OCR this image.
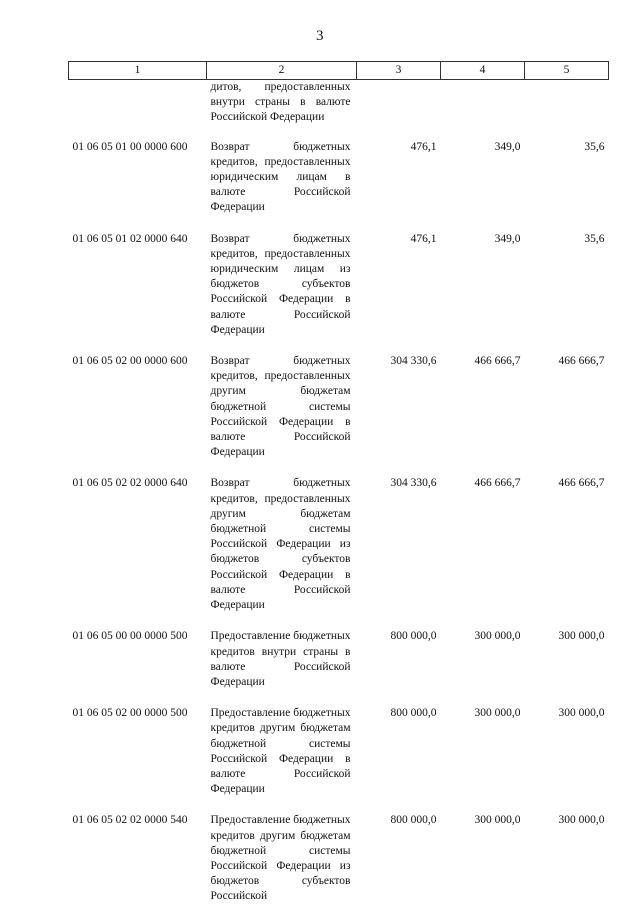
3
1	2	3	4	5
	дитов, предоставленных внутри страны в валюте Российской Федерации			
01 06 05 01 00 0000 600	Возврат бюджетных кредитов, предоставленных юридическим лицам в валюте Российской Федерации	476,1	349,0	35,6
01 06 05 01 02 0000 640	Возврат бюджетных кредитов, предоставленных юридическим лицам из бюджетов субъектов Российской Федерации в валюте Российской Федерации	476,1	349,0	35,6
01 06 05 02 00 0000 600	Возврат бюджетных кредитов, предоставленных другим бюджетам бюджетной системы Российской Федерации в валюте Российской Федерации	304 330,6	466 666,7	466 666,7
01 06 05 02 02 0000 640	Возврат бюджетных кредитов, предоставленных другим бюджетам бюджетной системы Российской Федерации из бюджетов субъектов Российской Федерации в валюте Российской Федерации	304 330,6	466 666,7	466 666,7
01 06 05 00 00 0000 500	Предоставление бюджетных кредитов внутри страны в валюте Российской Федерации	800 000,0	300 000,0	300 000,0
01 06 05 02 00 0000 500	Предоставление бюджетных кредитов другим бюджетам бюджетной системы Российской Федерации в валюте Российской Федерации	800 000,0	300 000,0	300 000,0
01 06 05 02 02 0000 540	Предоставление бюджетных кредитов другим бюджетам бюджетной системы Российской Федерации из бюджетов субъектов Российской	800 000,0	300 000,0	300 000,0
